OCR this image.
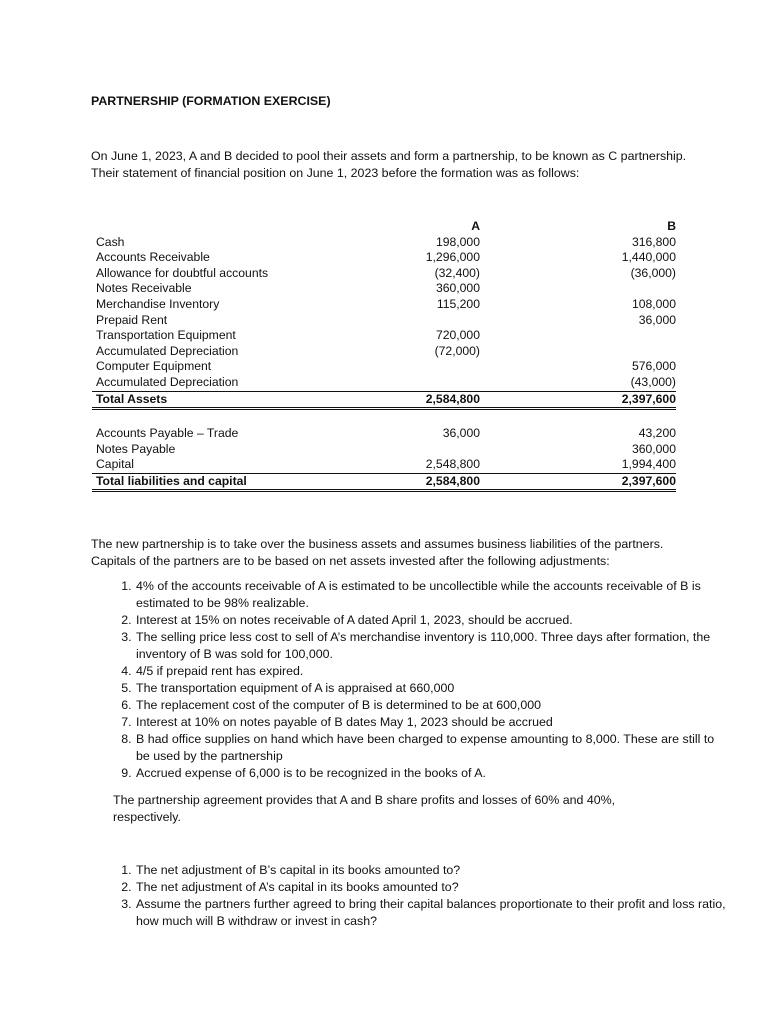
PARTNERSHIP (FORMATION EXERCISE)

On June 1, 2023, A and B decided to pool their assets and form a partnership, to be known as C partnership. Their statement of financial position on June 1, 2023 before the formation was as follows:

		A		B
Cash		198,000		316,800
Accounts Receivable		1,296,000		1,440,000
Allowance for doubtful accounts		(32,400)		(36,000)
Notes Receivable		360,000		
Merchandise Inventory		115,200		108,000
Prepaid Rent				36,000
Transportation Equipment		720,000		
Accumulated Depreciation		(72,000)		
Computer Equipment				576,000
Accumulated Depreciation				(43,000)
Total Assets		2,584,800		2,397,600
Accounts Payable – Trade		36,000		43,200
Notes Payable				360,000
Capital		2,548,800		1,994,400
Total liabilities and capital		2,584,800		2,397,600

The new partnership is to take over the business assets and assumes business liabilities of the partners. Capitals of the partners are to be based on net assets invested after the following adjustments:

1. 4% of the accounts receivable of A is estimated to be uncollectible while the accounts receivable of B is estimated to be 98% realizable.
2. Interest at 15% on notes receivable of A dated April 1, 2023, should be accrued.
3. The selling price less cost to sell of A’s merchandise inventory is 110,000. Three days after formation, the inventory of B was sold for 100,000.
4. 4/5 if prepaid rent has expired.
5. The transportation equipment of A is appraised at 660,000
6. The replacement cost of the computer of B is determined to be at 600,000
7. Interest at 10% on notes payable of B dates May 1, 2023 should be accrued
8. B had office supplies on hand which have been charged to expense amounting to 8,000. These are still to be used by the partnership
9. Accrued expense of 6,000 is to be recognized in the books of A.

The partnership agreement provides that A and B share profits and losses of 60% and 40%, respectively.

1. The net adjustment of B’s capital in its books amounted to?
2. The net adjustment of A’s capital in its books amounted to?
3. Assume the partners further agreed to bring their capital balances proportionate to their profit and loss ratio, how much will B withdraw or invest in cash?
